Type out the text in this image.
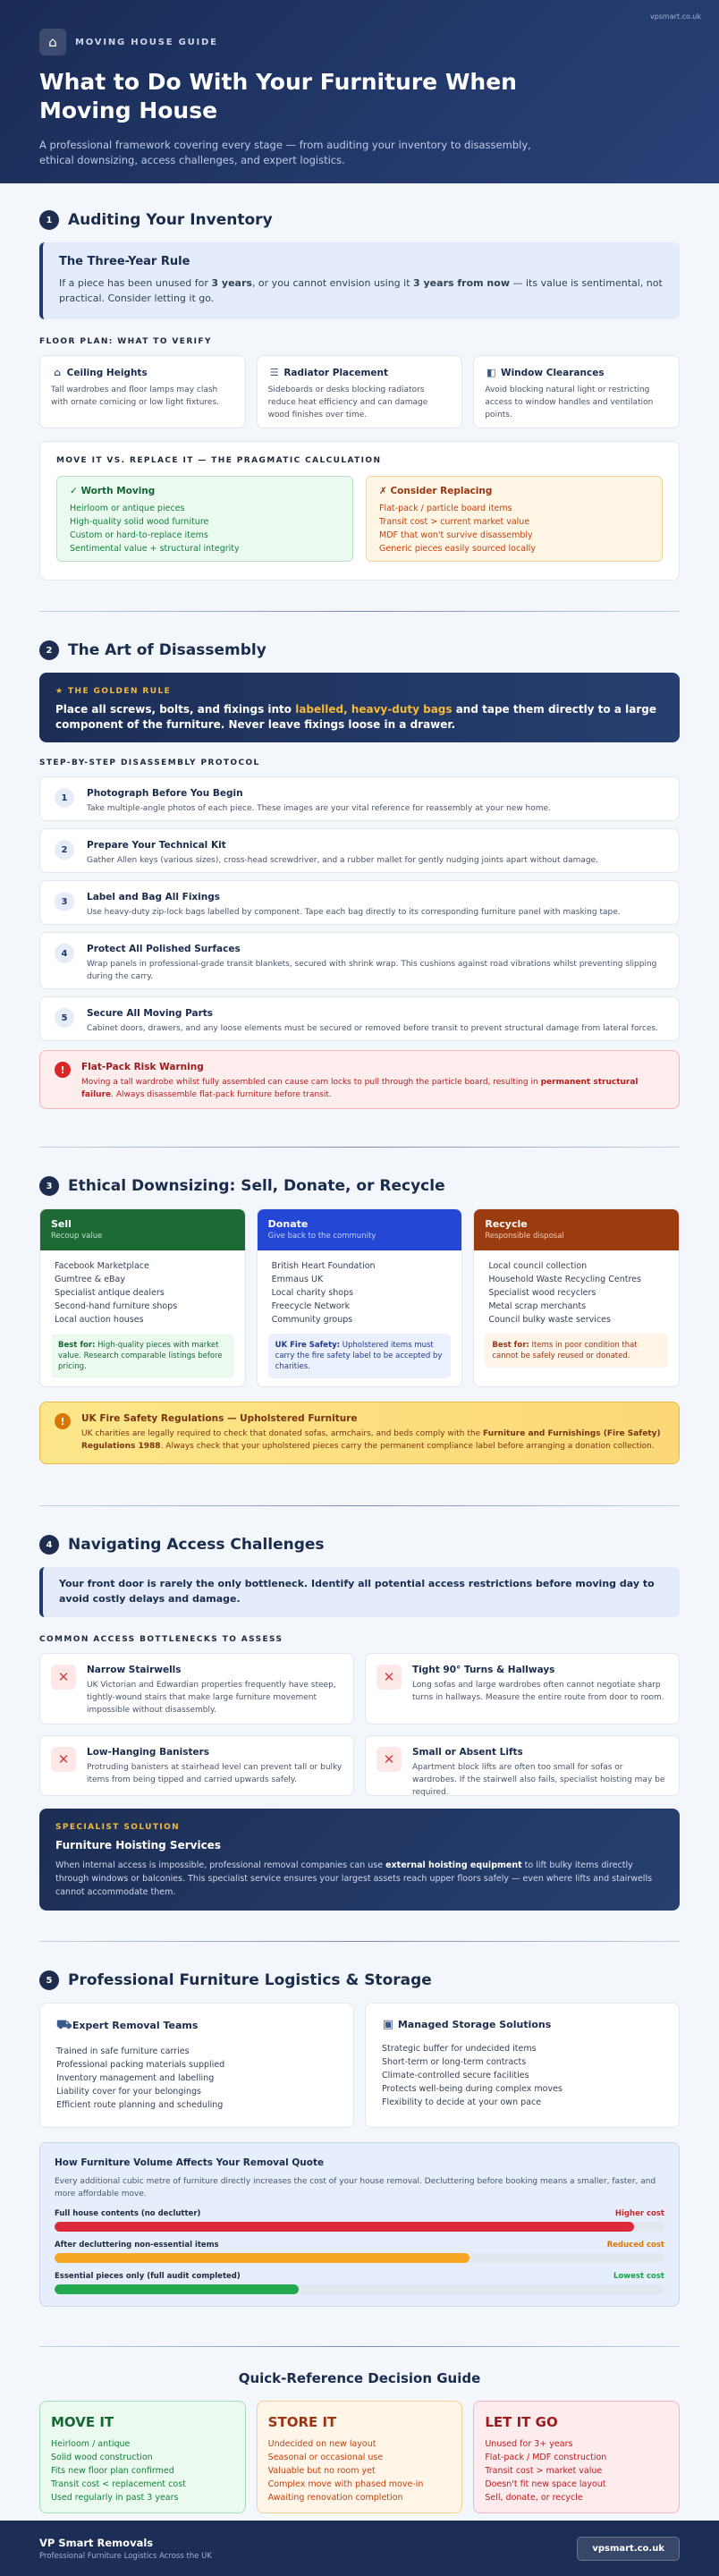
vpsmart.co.uk
⌂	MOVING HOUSE GUIDE
What to Do With Your Furniture When Moving House

A professional framework covering every stage — from auditing your inventory to disassembly, ethical downsizing, access challenges, and expert logistics.

1	Auditing Your Inventory
The Three-Year Rule

If a piece has been unused for 3 years, or you cannot envision using it 3 years from now — its value is sentimental, not practical. Consider letting it go.

FLOOR PLAN: WHAT TO VERIFY
⌂ Ceiling Heights
Tall wardrobes and floor lamps may clash with ornate cornicing or low light fixtures.
☰ Radiator Placement
Sideboards or desks blocking radiators reduce heat efficiency and can damage wood finishes over time.
◧ Window Clearances
Avoid blocking natural light or restricting access to window handles and ventilation points.
MOVE IT VS. REPLACE IT — THE PRAGMATIC CALCULATION
✓ Worth Moving
Heirloom or antique pieces
High-quality solid wood furniture
Custom or hard-to-replace items
Sentimental value + structural integrity
✗ Consider Replacing
Flat-pack / particle board items
Transit cost > current market value
MDF that won't survive disassembly
Generic pieces easily sourced locally
2	The Art of Disassembly
★ THE GOLDEN RULE
Place all screws, bolts, and fixings into labelled, heavy-duty bags and tape them directly to a large component of the furniture. Never leave fixings loose in a drawer.
STEP-BY-STEP DISASSEMBLY PROTOCOL
1	Photograph Before You Begin

Take multiple-angle photos of each piece. These images are your vital reference for reassembly at your new home.

2	Prepare Your Technical Kit

Gather Allen keys (various sizes), cross-head screwdriver, and a rubber mallet for gently nudging joints apart without damage.

3	Label and Bag All Fixings

Use heavy-duty zip-lock bags labelled by component. Tape each bag directly to its corresponding furniture panel with masking tape.

4	Protect All Polished Surfaces

Wrap panels in professional-grade transit blankets, secured with shrink wrap. This cushions against road vibrations whilst preventing slipping during the carry.

5	Secure All Moving Parts

Cabinet doors, drawers, and any loose elements must be secured or removed before transit to prevent structural damage from lateral forces.

!	Flat-Pack Risk Warning
Moving a tall wardrobe whilst fully assembled can cause cam locks to pull through the particle board, resulting in permanent structural failure. Always disassemble flat-pack furniture before transit.
3	Ethical Downsizing: Sell, Donate, or Recycle
Sell
Recoup value
Facebook Marketplace
Gumtree & eBay
Specialist antique dealers
Second-hand furniture shops
Local auction houses
Best for: High-quality pieces with market value. Research comparable listings before pricing.
Donate
Give back to the community
British Heart Foundation
Emmaus UK
Local charity shops
Freecycle Network
Community groups
UK Fire Safety: Upholstered items must carry the fire safety label to be accepted by charities.
Recycle
Responsible disposal
Local council collection
Household Waste Recycling Centres
Specialist wood recyclers
Metal scrap merchants
Council bulky waste services
Best for: Items in poor condition that cannot be safely reused or donated.
!	UK Fire Safety Regulations — Upholstered Furniture
UK charities are legally required to check that donated sofas, armchairs, and beds comply with the Furniture and Furnishings (Fire Safety) Regulations 1988. Always check that your upholstered pieces carry the permanent compliance label before arranging a donation collection.
4	Navigating Access Challenges

Your front door is rarely the only bottleneck. Identify all potential access restrictions before moving day to avoid costly delays and damage.

COMMON ACCESS BOTTLENECKS TO ASSESS
✕	Narrow Stairwells
UK Victorian and Edwardian properties frequently have steep, tightly-wound stairs that make large furniture movement impossible without disassembly.
✕	Tight 90° Turns & Hallways
Long sofas and large wardrobes often cannot negotiate sharp turns in hallways. Measure the entire route from door to room.
✕	Low-Hanging Banisters
Protruding banisters at stairhead level can prevent tall or bulky items from being tipped and carried upwards safely.
✕	Small or Absent Lifts
Apartment block lifts are often too small for sofas or wardrobes. If the stairwell also fails, specialist hoisting may be required.
SPECIALIST SOLUTION
Furniture Hoisting Services
When internal access is impossible, professional removal companies can use external hoisting equipment to lift bulky items directly through windows or balconies. This specialist service ensures your largest assets reach upper floors safely — even where lifts and stairwells cannot accommodate them.
5	Professional Furniture Logistics & Storage
⛟ Expert Removal Teams
Trained in safe furniture carries
Professional packing materials supplied
Inventory management and labelling
Liability cover for your belongings
Efficient route planning and scheduling
▣ Managed Storage Solutions
Strategic buffer for undecided items
Short-term or long-term contracts
Climate-controlled secure facilities
Protects well-being during complex moves
Flexibility to decide at your own pace
How Furniture Volume Affects Your Removal Quote
Every additional cubic metre of furniture directly increases the cost of your house removal. Decluttering before booking means a smaller, faster, and more affordable move.
Full house contents (no declutter)	Higher cost
After decluttering non-essential items	Reduced cost
Essential pieces only (full audit completed)	Lowest cost
Quick-Reference Decision Guide
MOVE IT
Heirloom / antique
Solid wood construction
Fits new floor plan confirmed
Transit cost < replacement cost
Used regularly in past 3 years
STORE IT
Undecided on new layout
Seasonal or occasional use
Valuable but no room yet
Complex move with phased move-in
Awaiting renovation completion
LET IT GO
Unused for 3+ years
Flat-pack / MDF construction
Transit cost > market value
Doesn't fit new space layout
Sell, donate, or recycle
VP Smart Removals
Professional Furniture Logistics Across the UK
vpsmart.co.uk
